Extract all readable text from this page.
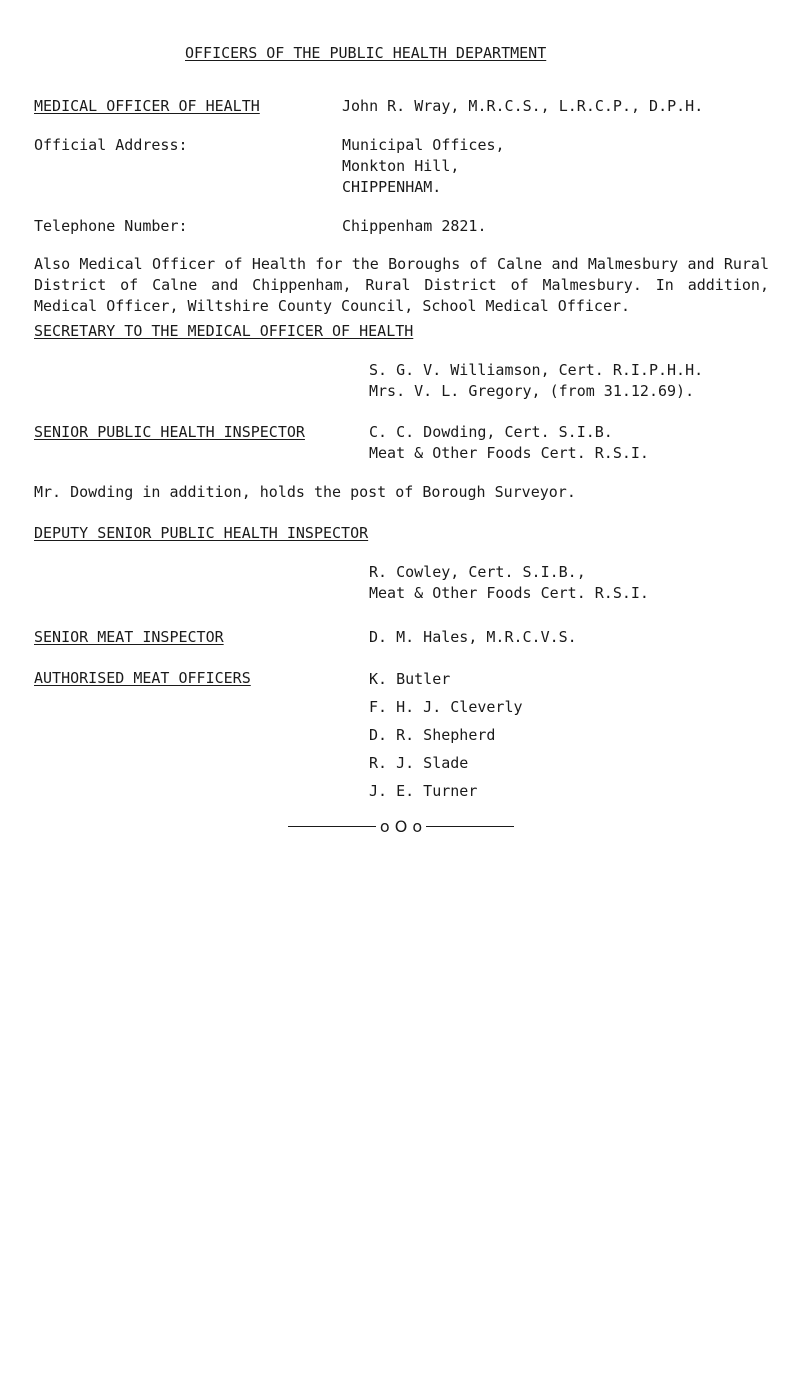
OFFICERS OF THE PUBLIC HEALTH DEPARTMENT
MEDICAL OFFICER OF HEALTH	John R. Wray, M.R.C.S., L.R.C.P., D.P.H.
Official Address:	Municipal Offices,
Monkton Hill,
CHIPPENHAM.
Telephone Number:	Chippenham 2821.
Also Medical Officer of Health for the Boroughs of Calne and Malmesbury and Rural District of Calne and Chippenham, Rural District of Malmesbury. In addition, Medical Officer, Wiltshire County Council, School Medical Officer.
SECRETARY TO THE MEDICAL OFFICER OF HEALTH
S. G. V. Williamson, Cert. R.I.P.H.H.
Mrs. V. L. Gregory, (from 31.12.69).
SENIOR PUBLIC HEALTH INSPECTOR	C. C. Dowding, Cert. S.I.B.
Meat & Other Foods Cert. R.S.I.
Mr. Dowding in addition, holds the post of Borough Surveyor.
DEPUTY SENIOR PUBLIC HEALTH INSPECTOR
R. Cowley, Cert. S.I.B.,
Meat & Other Foods Cert. R.S.I.
SENIOR MEAT INSPECTOR	D. M. Hales, M.R.C.V.S.
AUTHORISED MEAT OFFICERS	K. Butler
F. H. J. Cleverly
D. R. Shepherd
R. J. Slade
J. E. Turner
o O o
